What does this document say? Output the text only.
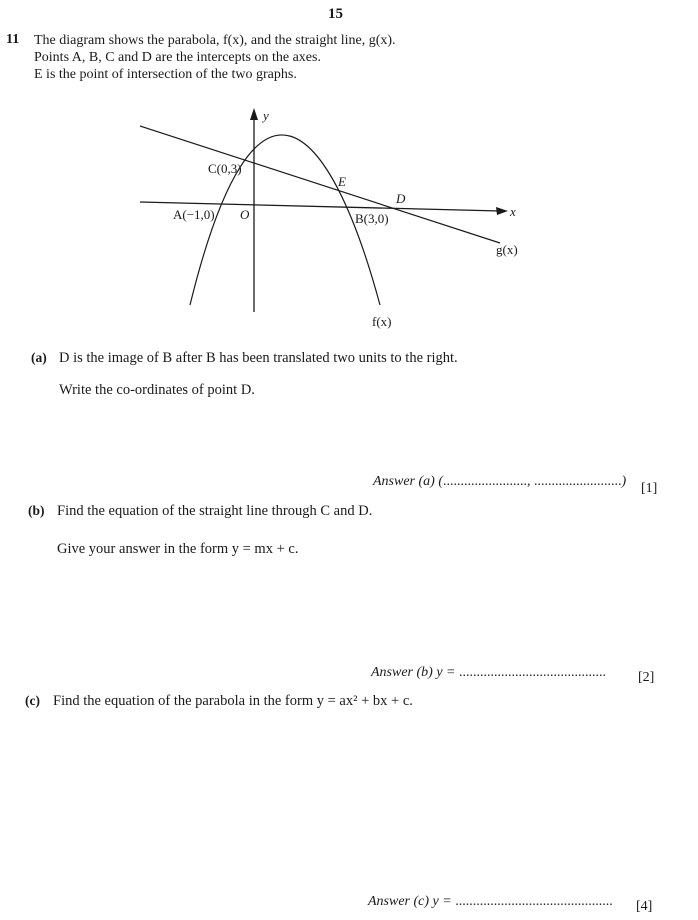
15
11 The diagram shows the parabola, f(x), and the straight line, g(x).
Points A, B, C and D are the intercepts on the axes.
E is the point of intersection of the two graphs.
y
x
C(0,3)
E
D
A(−1,0) O	B(3,0)
g(x)
f(x)
(a) D is the image of B after B has been translated two units to the right.
Write the co-ordinates of point D.
Answer (a) (........................, .........................) [1]
(b) Find the equation of the straight line through C and D.
Give your answer in the form y = mx + c.
Answer (b) y = .......................................... [2]
(c) Find the equation of the parabola in the form y = ax² + bx + c.
Answer (c) y = ............................................. [4]
